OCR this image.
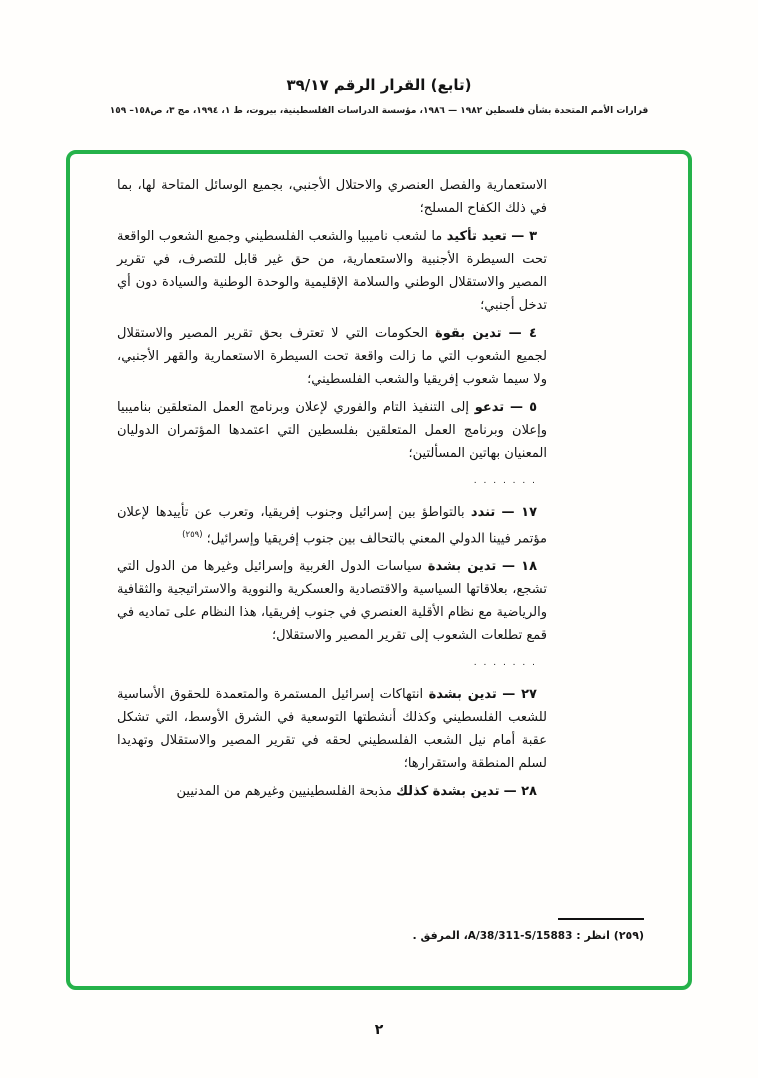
(تابع) القرار الرقم ٣٩/١٧
قرارات الأمم المتحدة بشأن فلسطين ١٩٨٢ — ١٩٨٦، مؤسسة الدراسات الفلسطينية، بيروت، ط ١، ١٩٩٤، مج ٣، ص١٥٨– ١٥٩

الاستعمارية والفصل العنصري والاحتلال الأجنبي، بجميع الوسائل المتاحة لها، بما في ذلك الكفاح المسلح؛

٣ — تعيد تأكيد ما لشعب ناميبيا والشعب الفلسطيني وجميع الشعوب الواقعة تحت السيطرة الأجنبية والاستعمارية، من حق غير قابل للتصرف، في تقرير المصير والاستقلال الوطني والسلامة الإقليمية والوحدة الوطنية والسيادة دون أي تدخل أجنبي؛

٤ — تدين بقوة الحكومات التي لا تعترف بحق تقرير المصير والاستقلال لجميع الشعوب التي ما زالت واقعة تحت السيطرة الاستعمارية والقهر الأجنبي، ولا سيما شعوب إفريقيا والشعب الفلسطيني؛

٥ — تدعو إلى التنفيذ التام والفوري لإعلان وبرنامج العمل المتعلقين بناميبيا وإعلان وبرنامج العمل المتعلقين بفلسطين التي اعتمدها المؤتمران الدوليان المعنيان بهاتين المسألتين؛

. . . . . . .

١٧ — تندد بالتواطؤ بين إسرائيل وجنوب إفريقيا، وتعرب عن تأييدها لإعلان مؤتمر فيينا الدولي المعني بالتحالف بين جنوب إفريقيا وإسرائيل؛ $^{(٢٥٩)}$

١٨ — تدين بشدة سياسات الدول الغربية وإسرائيل وغيرها من الدول التي تشجع، بعلاقاتها السياسية والاقتصادية والعسكرية والنووية والاستراتيجية والثقافية والرياضية مع نظام الأقلية العنصري في جنوب إفريقيا، هذا النظام على تماديه في قمع تطلعات الشعوب إلى تقرير المصير والاستقلال؛

. . . . . . .

٢٧ — تدين بشدة انتهاكات إسرائيل المستمرة والمتعمدة للحقوق الأساسية للشعب الفلسطيني وكذلك أنشطتها التوسعية في الشرق الأوسط، التي تشكل عقبة أمام نيل الشعب الفلسطيني لحقه في تقرير المصير والاستقلال وتهديدا لسلم المنطقة واستقرارها؛

٢٨ — تدين بشدة كذلك مذبحة الفلسطينيين وغيرهم من المدنيين

(٢٥٩) انظر : A/38/311-S/15883، المرفق .
٢
